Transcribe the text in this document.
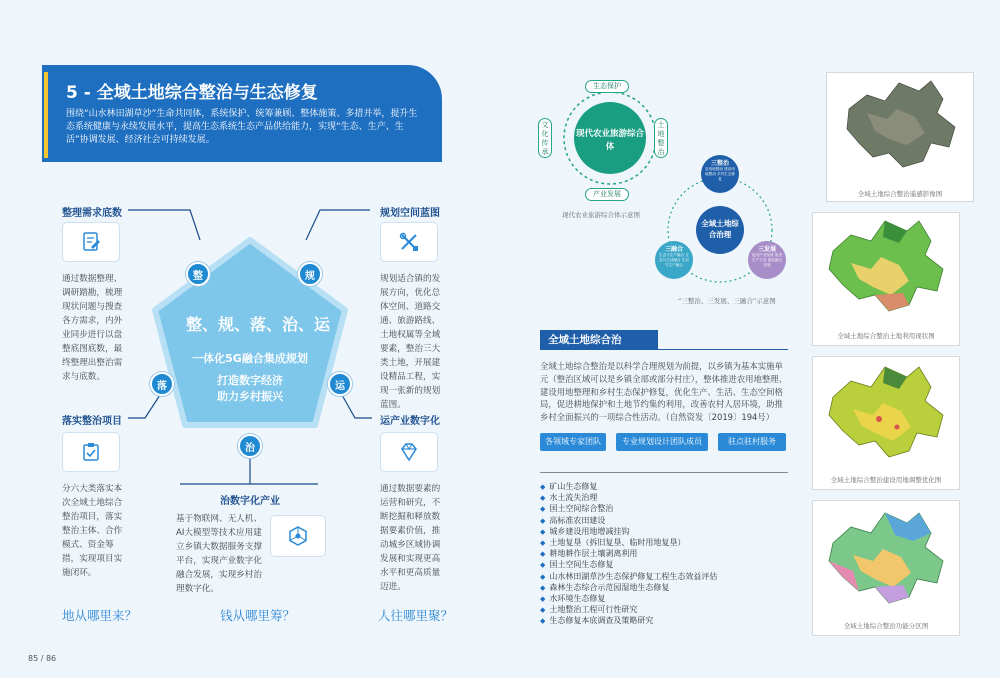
5 - 全域土地综合整治与生态修复
围绕“山水林田湖草沙”生命共同体，系统保护、统筹兼顾、整体施策、多措并举，提升生态系统健康与永续发展水平，提高生态系统生态产品供给能力，实现“生态、生产、生活”协调发展、经济社会可持续发展。
整	规
落	运
治
整、规、落、治、运
一体化5G融合集成规划
打造数字经济
助力乡村振兴
整理需求底数
通过数据整理、调研踏勘，梳理现状问题与搜查各方需求，内外业同步进行以盘整底图底数，最终整理出整治需求与底数。
规划空间蓝图
规划适合镇的发展方向，优化总体空间、道路交通、旅游路线、土地权属等全域要素，整治三大类土地，开展建设精品工程，实现一张新的规划蓝图。
落实整治项目
分六大类落实本次全域土地综合整治项目，落实整治主体、合作模式、资金筹措，实现项目实施闭环。
运产业数字化
通过数据要素的运营和研究，不断挖掘和释放数据要素价值，推动城乡区域协调发展和实现更高水平和更高质量迈进。
治数字化产业
基于物联网、无人机、AI大模型等技术应用建立乡镇大数据服务支撑平台，实现产业数字化融合发展，实现乡村治理数字化。
地从哪里来？	钱从哪里筹？	人往哪里聚？
85 / 86
现代农业旅游综合体
生态保护
产业发展
文化传承
土地整治
现代农业旅游综合体示意图
全域土地综合治理
三整治
农用地整治 建设用地整治 乡村生态修复
三融合
生态与生产融合 生态与生活融合 生活与生产融合
三发展
促进产业发展 促进生产生活 促进融合发展
“三整治、三发展、三融合”示意图
全域土地综合治
全域土地综合整治是以科学合理规划为前提，以乡镇为基本实施单元（整治区域可以是乡镇全部或部分村庄），整体推进农用地整理、建设用地整理和乡村生态保护修复，优化生产、生活、生态空间格局，促进耕地保护和土地节约集约利用，改善农村人居环境，助推乡村全面振兴的一项综合性活动。（自然资发〔2019〕194号）
各领域专家团队	专业规划设计团队成员	驻点驻村服务
◆ 矿山生态修复
◆ 水土流失治理
◆ 国土空间综合整治
◆ 高标准农田建设
◆ 城乡建设用地增减挂钩
◆ 土地复垦（拆旧复垦、临时用地复垦）
◆ 耕地耕作层土壤剥离利用
◆ 国土空间生态修复
◆ 山水林田湖草沙生态保护修复工程生态效益评估
◆ 森林生态综合示范园湿地生态修复
◆ 水环境生态修复
◆ 土地整治工程可行性研究
◆ 生态修复本底调查及策略研究
全域土地综合整治遥感影像图
全域土地综合整治土地利用现状图
全域土地综合整治建设用地调整优化图
全域土地综合整治功能分区图
